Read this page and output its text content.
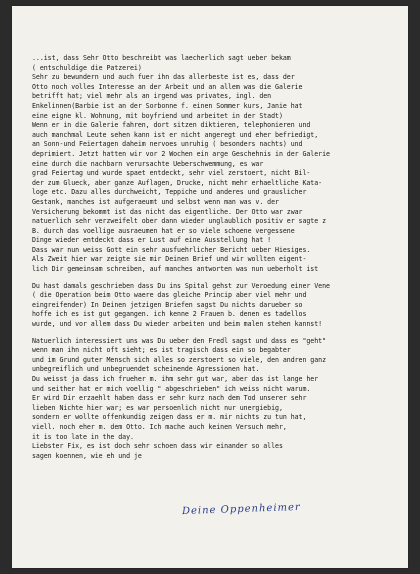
...ist, dass Sehr Otto beschreibt was laecherlich sagt ueber bekam
( entschuldige die Patzerei)
Sehr zu bewundern und auch fuer ihn das allerbeste ist es, dass der
Otto noch volles Interesse an der Arbeit und an allem was die Galerie
betrifft hat; viel mehr als an irgend was privates, ingl. den
Enkelinnen(Barbie ist an der Sorbonne f. einen Sommer kurs, Janie hat
eine eigne kl. Wohnung, mit boyfriend und arbeitet in der Stadt)
Wenn er in die Galerie fahren, dort sitzen diktieren, telephonieren und
auch manchmal Leute sehen kann ist er nicht angeregt und eher befriedigt,
an Sonn-und Feiertagen daheim nervoes unruhig ( besonders nachts) und
deprimiert. Jetzt hatten wir vor 2 Wochen ein arge Geschehnis in der Galerie
eine durch die nachbarn verursachte Ueberschwemmung, es war
grad Feiertag und wurde spaet entdeckt, sehr viel zerstoert, nicht Bil-
der zum Glueck, aber ganze Auflagen, Drucke, nicht mehr erhaeltliche Kata-
loge etc. Dazu alles durchweicht, Teppiche und anderes und grauslicher
Gestank, manches ist aufgeraeumt und selbst wenn man was v. der
Versicherung bekommt ist das nicht das eigentliche. Der Otto war zwar
natuerlich sehr verzweifelt ober dann wieder unglaublich positiv er sagte z
B. durch das voellige ausraeumen hat er so viele schoene vergessene
Dinge wieder entdeckt dass er Lust auf eine Ausstellung hat !
Dass war nun weiss Gott ein sehr ausfuehrlicher Bericht ueber Hiesiges.
Als Zweit hier war zeigte sie mir Deinen Brief und wir wollten eigent-
lich Dir gemeinsam schreiben, auf manches antworten was nun ueberholt ist
Du hast damals geschrieben dass Du ins Spital gehst zur Veroedung einer Vene
( die Operation beim Otto waere das gleiche Princip aber viel mehr und
eingreifender) In Deinen jetzigen Briefen sagst Du nichts darueber so
hoffe ich es ist gut gegangen. ich kenne 2 Frauen b. denen es tadellos
wurde, und vor allem dass Du wieder arbeiten und beim malen stehen kannst!
Natuerlich interessiert uns was Du ueber den Fredl sagst und dass es "geht"
wenn man ihn nicht oft sieht; es ist tragisch dass ein so begabter
und im Grund guter Mensch sich alles so zerstoert so viele, den andren ganz
unbegreiflich und unbegruendet scheinende Agressionen hat.
Du weisst ja dass ich frueher m. ihm sehr gut war, aber das ist lange her
und seither hat er mich voellig " abgeschrieben" ich weiss nicht warum.
Er wird Dir erzaehlt haben dass er sehr kurz nach dem Tod unserer sehr
lieben Nichte hier war; es war persoenlich nicht nur unergiebig,
sondern er wollte offenkundig zeigen dass er m. mir nichts zu tun hat,
viell. noch eher m. dem Otto. Ich mache auch keinen Versuch mehr,
it is too late in the day.
Liebster Fix, es ist doch sehr schoen dass wir einander so alles
sagen koennen, wie eh und je
Deine Oppenheimer
